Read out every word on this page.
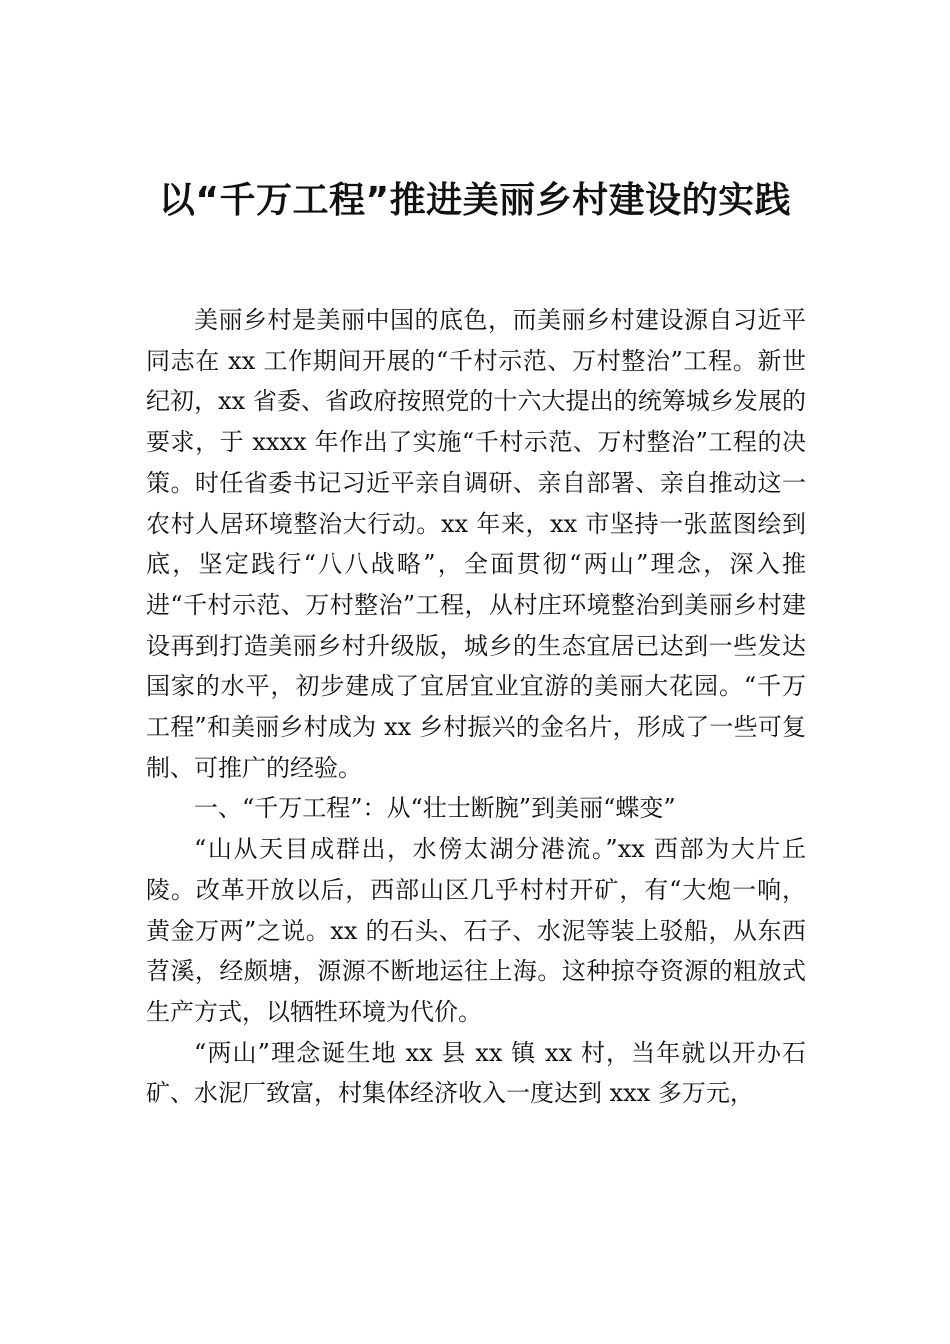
以“千万工程”推进美丽乡村建设的实践

美丽乡村是美丽中国的底色，而美丽乡村建设源自习近平同志在 xx 工作期间开展的“千村示范、万村整治”工程。新世纪初，xx 省委、省政府按照党的十六大提出的统筹城乡发展的要求，于 xxxx 年作出了实施“千村示范、万村整治”工程的决策。时任省委书记习近平亲自调研、亲自部署、亲自推动这一农村人居环境整治大行动。xx 年来，xx 市坚持一张蓝图绘到底，坚定践行“八八战略”，全面贯彻“两山”理念，深入推进“千村示范、万村整治”工程，从村庄环境整治到美丽乡村建设再到打造美丽乡村升级版，城乡的生态宜居已达到一些发达国家的水平，初步建成了宜居宜业宜游的美丽大花园。“千万工程”和美丽乡村成为 xx 乡村振兴的金名片，形成了一些可复制、可推广的经验。

一、“千万工程”：从“壮士断腕”到美丽“蝶变”

“山从天目成群出，水傍太湖分港流。”xx 西部为大片丘陵。改革开放以后，西部山区几乎村村开矿，有“大炮一响，黄金万两”之说。xx 的石头、石子、水泥等装上驳船，从东西苕溪，经颇塘，源源不断地运往上海。这种掠夺资源的粗放式生产方式，以牺牲环境为代价。

“两山”理念诞生地 xx 县 xx 镇 xx 村，当年就以开办石矿、水泥厂致富，村集体经济收入一度达到 xxx 多万元，
